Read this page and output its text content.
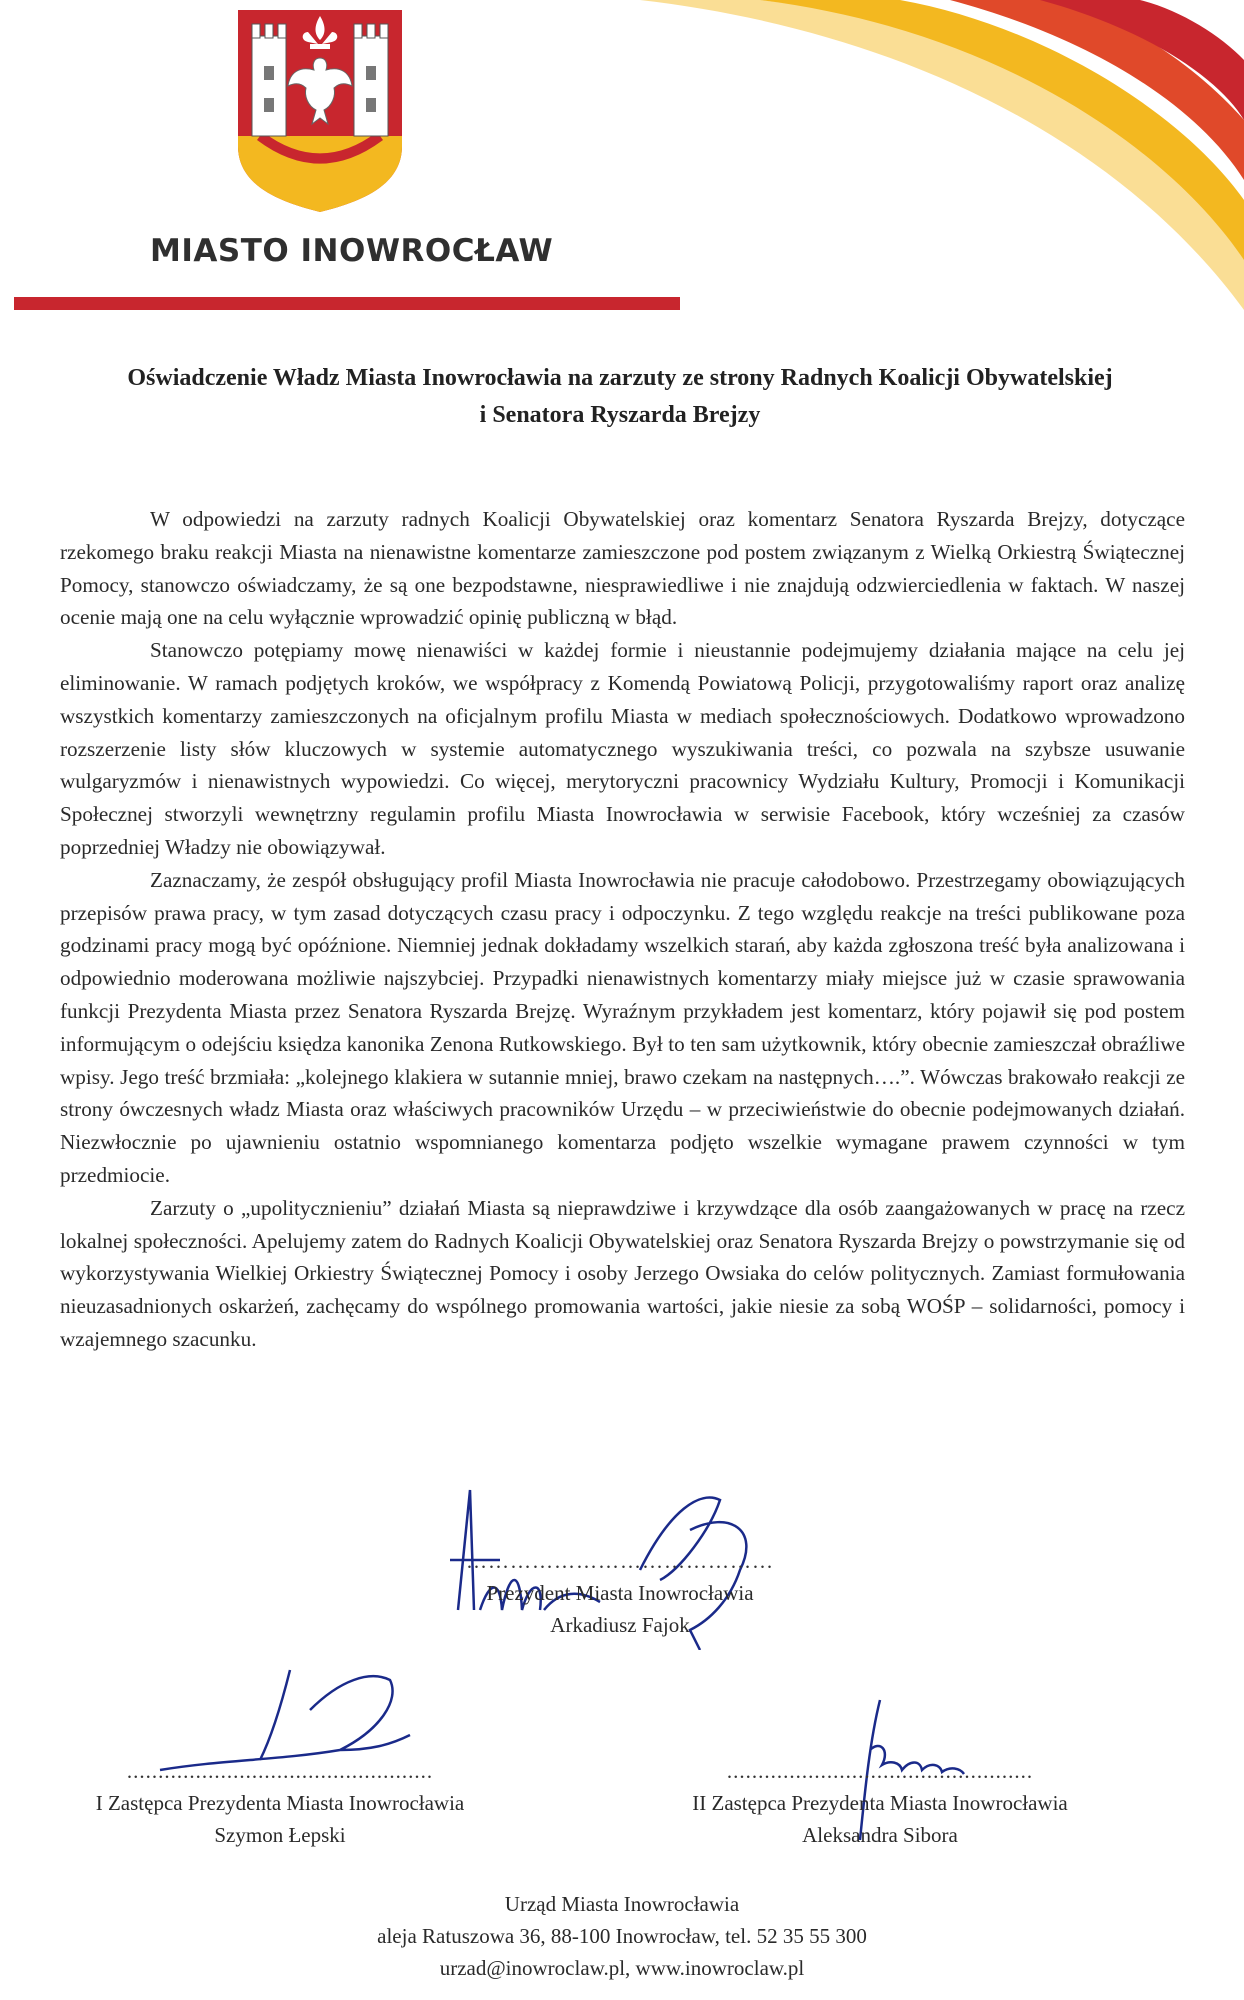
MIASTO INOWROCŁAW
Oświadczenie Władz Miasta Inowrocławia na zarzuty ze strony Radnych Koalicji Obywatelskiej
i Senatora Ryszarda Brejzy

W odpowiedzi na zarzuty radnych Koalicji Obywatelskiej oraz komentarz Senatora Ryszarda Brejzy, dotyczące rzekomego braku reakcji Miasta na nienawistne komentarze zamieszczone pod postem związanym z Wielką Orkiestrą Świątecznej Pomocy, stanowczo oświadczamy, że są one bezpodstawne, niesprawiedliwe i nie znajdują odzwierciedlenia w faktach. W naszej ocenie mają one na celu wyłącznie wprowadzić opinię publiczną w błąd.

Stanowczo potępiamy mowę nienawiści w każdej formie i nieustannie podejmujemy działania mające na celu jej eliminowanie. W ramach podjętych kroków, we współpracy z Komendą Powiatową Policji, przygotowaliśmy raport oraz analizę wszystkich komentarzy zamieszczonych na oficjalnym profilu Miasta w mediach społecznościowych. Dodatkowo wprowadzono rozszerzenie listy słów kluczowych w systemie automatycznego wyszukiwania treści, co pozwala na szybsze usuwanie wulgaryzmów i nienawistnych wypowiedzi. Co więcej, merytoryczni pracownicy Wydziału Kultury, Promocji i Komunikacji Społecznej stworzyli wewnętrzny regulamin profilu Miasta Inowrocławia w serwisie Facebook, który wcześniej za czasów poprzedniej Władzy nie obowiązywał.

Zaznaczamy, że zespół obsługujący profil Miasta Inowrocławia nie pracuje całodobowo. Przestrzegamy obowiązujących przepisów prawa pracy, w tym zasad dotyczących czasu pracy i odpoczynku. Z tego względu reakcje na treści publikowane poza godzinami pracy mogą być opóźnione. Niemniej jednak dokładamy wszelkich starań, aby każda zgłoszona treść była analizowana i odpowiednio moderowana możliwie najszybciej. Przypadki nienawistnych komentarzy miały miejsce już w czasie sprawowania funkcji Prezydenta Miasta przez Senatora Ryszarda Brejzę. Wyraźnym przykładem jest komentarz, który pojawił się pod postem informującym o odejściu księdza kanonika Zenona Rutkowskiego. Był to ten sam użytkownik, który obecnie zamieszczał obraźliwe wpisy. Jego treść brzmiała: „kolejnego klakiera w sutannie mniej, brawo czekam na następnych….”. Wówczas brakowało reakcji ze strony ówczesnych władz Miasta oraz właściwych pracowników Urzędu – w przeciwieństwie do obecnie podejmowanych działań. Niezwłocznie po ujawnieniu ostatnio wspomnianego komentarza podjęto wszelkie wymagane prawem czynności w tym przedmiocie.

Zarzuty o „upolitycznieniu” działań Miasta są nieprawdziwe i krzywdzące dla osób zaangażowanych w pracę na rzecz lokalnej społeczności. Apelujemy zatem do Radnych Koalicji Obywatelskiej oraz Senatora Ryszarda Brejzy o powstrzymanie się od wykorzystywania Wielkiej Orkiestry Świątecznej Pomocy i osoby Jerzego Owsiaka do celów politycznych. Zamiast formułowania nieuzasadnionych oskarżeń, zachęcamy do wspólnego promowania wartości, jakie niesie za sobą WOŚP – solidarności, pomocy i wzajemnego szacunku.

……………………………………
Prezydent Miasta Inowrocławia
Arkadiusz Fajok
.................................................
I Zastępca Prezydenta Miasta Inowrocławia
Szymon Łepski
.................................................
II Zastępca Prezydenta Miasta Inowrocławia
Aleksandra Sibora
Urząd Miasta Inowrocławia
aleja Ratuszowa 36, 88-100 Inowrocław, tel. 52 35 55 300
urzad@inowroclaw.pl, www.inowroclaw.pl
